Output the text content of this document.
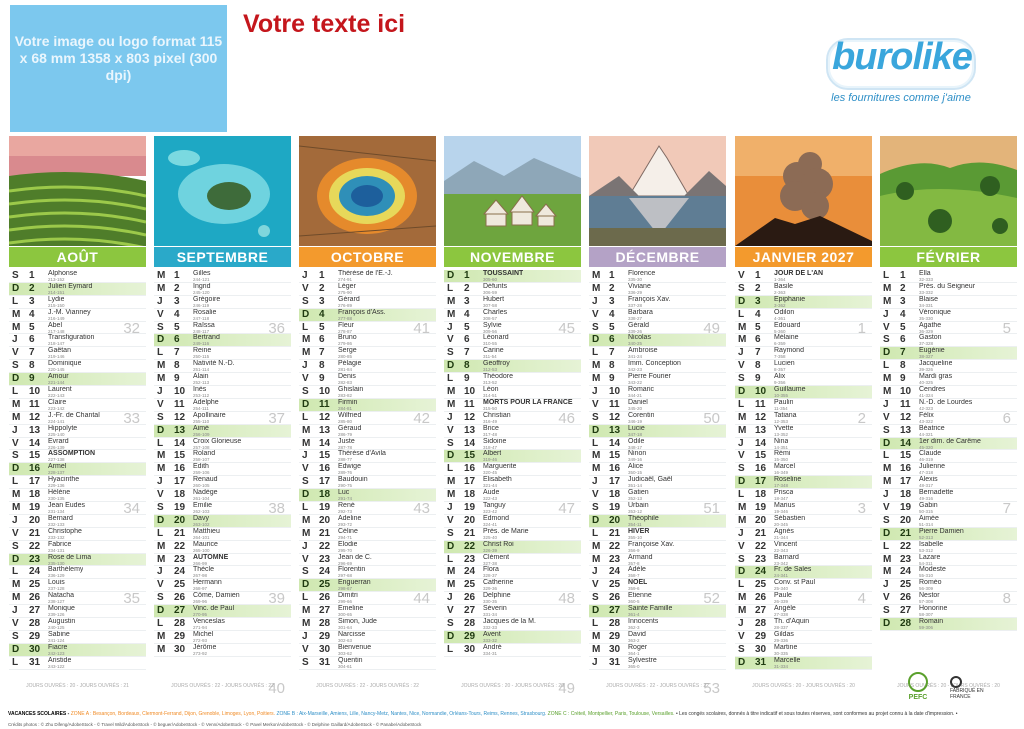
Votre image ou logo format 115 x 68 mm 1358 x 803 pixel (300 dpi)
Votre texte ici
burolike
les fournitures comme j'aime
AOÛT
S	1	Alphonse
213-152
D 2	Julien Eymard
214-151
L	3	Lydie
215-150
M 4	J.-M. Vianney
216-149
M 5	Abel
217-148
J	6	Transfiguration
218-147
V	7	Gaëtan
219-146
S	8	Dominique
220-145
D 9	Amour
221-144
L	10	Laurent
222-143
M 11	Claire
223-142
M 12	J.-Fr. de Chantal
224-141
J	13	Hippolyte
225-140
V	14	Évrard
226-139
S	15	ASSOMPTION
227-138
D 16	Armel
228-137
L	17	Hyacinthe
229-136
M 18	Hélène
230-135
M 19	Jean Eudes
231-134
J	20	Bernard
232-133
V	21	Christophe
233-132
S	22	Fabrice
234-131
D 23	Rose de Lima
235-130
L	24	Barthélemy
236-129
M 25	Louis
237-128
M 26	Natacha
238-127
J	27	Monique
239-126
V	28	Augustin
240-125
S	29	Sabine
241-124
D 30	Fiacre
242-123
L	31	Aristide
243-122
32
33
34
35
JOURS OUVRÉS : 20 - JOURS OUVRÉS : 21
SEPTEMBRE
M 1	Gilles
244-121
M 2	Ingrid
245-120
J	3	Grégoire
246-119
V	4	Rosalie
247-118
S	5	Raïssa
248-117
D 6	Bertrand
249-116
L	7	Reine
250-115
M 8	Nativité N.-D.
251-114
M 9	Alain
252-113
J	10	Inès
253-112
V	11	Adelphe
254-111
S	12	Apollinaire
255-110
D 13	Aimé
256-109
L	14	Croix Glorieuse
257-108
M 15	Roland
258-107
M 16	Édith
259-106
J	17	Renaud
260-105
V	18	Nadège
261-104
S	19	Émilie
262-103
D 20	Davy
263-102
L	21	Matthieu
264-101
M 22	Maurice
265-100
M 23	AUTOMNE
266-99
J	24	Thècle
267-98
V	25	Hermann
268-97
S	26	Côme, Damien
269-96
D 27	Vinc. de Paul
270-95
L	28	Venceslas
271-94
M 29	Michel
272-93
M 30	Jérôme
273-92
36
37
38
39
40
JOURS OUVRÉS : 22 - JOURS OUVRÉS : 22
OCTOBRE
J	1	Thérèse de l'E.-J.
274-91
V	2	Léger
275-90
S	3	Gérard
276-89
D 4	François d'Ass.
277-88
L	5	Fleur
278-87
M 6	Bruno
279-86
M 7	Serge
280-85
J	8	Pélagie
281-84
V	9	Denis
282-83
S	10	Ghislain
283-82
D 11	Firmin
284-81
L	12	Wilfried
285-80
M 13	Géraud
286-79
M 14	Juste
287-78
J	15	Thérèse d'Avila
288-77
V	16	Edwige
289-76
S	17	Baudouin
290-75
D 18	Luc
291-74
L	19	René
292-73
M 20	Adeline
293-72
M 21	Céline
294-71
J	22	Élodie
295-70
V	23	Jean de C.
296-69
S	24	Florentin
297-68
D 25	Enguerran
298-67
L	26	Dimitri
299-66
M 27	Émeline
300-65
M 28	Simon, Jude
301-64
J	29	Narcisse
302-63
V	30	Bienvenue
303-62
S	31	Quentin
304-61
41
42
43
44
JOURS OUVRÉS : 22 - JOURS OUVRÉS : 22
NOVEMBRE
D 1	TOUSSAINT
305-60
L	2	Défunts
306-59
M 3	Hubert
307-58
M 4	Charles
308-57
J	5	Sylvie
309-56
V	6	Léonard
310-55
S	7	Carine
311-54
D 8	Geoffroy
312-53
L	9	Théodore
313-52
M 10	Léon
314-51
M 11	MORTS POUR LA FRANCE
315-50
J	12	Christian
316-49
V	13	Brice
317-48
S	14	Sidoine
318-47
D 15	Albert
319-46
L	16	Marguerite
320-45
M 17	Élisabeth
321-44
M 18	Aude
322-43
J	19	Tanguy
323-42
V	20	Edmond
324-41
S	21	Prés. de Marie
325-40
D 22	Christ Roi
326-39
L	23	Clément
327-38
M 24	Flora
328-37
M 25	Catherine
329-36
J	26	Delphine
330-35
V	27	Séverin
331-34
S	28	Jacques de la M.
332-33
D 29	Avent
333-32
L	30	André
334-31
45
46
47
48
49
JOURS OUVRÉS : 20 - JOURS OUVRÉS : 20
DÉCEMBRE
M 1	Florence
335-30
M 2	Viviane
336-29
J	3	François Xav.
337-28
V	4	Barbara
338-27
S	5	Gérald
339-26
D 6	Nicolas
340-25
L	7	Ambroise
341-24
M 8	Imm. Conception
342-23
M 9	Pierre Fourier
343-22
J	10	Romaric
344-21
V	11	Daniel
345-20
S	12	Corentin
346-19
D 13	Lucie
347-18
L	14	Odile
348-17
M 15	Ninon
349-16
M 16	Alice
350-15
J	17	Judicaël, Gaël
351-14
V	18	Gatien
352-13
S	19	Urbain
353-12
D 20	Théophile
354-11
L	21	HIVER
355-10
M 22	Françoise Xav.
356-9
M 23	Armand
357-8
J	24	Adèle
358-7
V	25	NOËL
359-6
S	26	Étienne
360-5
D 27	Sainte Famille
361-4
L	28	Innocents
362-3
M 29	David
363-2
M 30	Roger
364-1
J	31	Sylvestre
365-0
49
50
51
52
53
JOURS OUVRÉS : 22 - JOURS OUVRÉS : 22
JANVIER 2027
V	1	JOUR DE L'AN
1-364
S	2	Basile
2-363
D 3	Épiphanie
3-362
L	4	Odilon
4-361
M 5	Édouard
5-360
M 6	Mélaine
6-359
J	7	Raymond
7-358
V	8	Lucien
8-357
S	9	Alix
9-356
D 10	Guillaume
10-355
L	11	Paulin
11-354
M 12	Tatiana
12-353
M 13	Yvette
13-352
J	14	Nina
14-351
V	15	Rémi
15-350
S	16	Marcel
16-349
D 17	Roseline
17-348
L	18	Prisca
18-347
M 19	Marius
19-346
M 20	Sébastien
20-345
J	21	Agnès
21-344
V	22	Vincent
22-343
S	23	Barnard
23-342
D 24	Fr. de Sales
24-341
L	25	Conv. st Paul
25-340
M 26	Paule
26-339
M 27	Angèle
27-338
J	28	Th. d'Aquin
28-337
V	29	Gildas
29-336
S	30	Martine
30-335
D 31	Marcelle
31-334
1
2
3
4
JOURS OUVRÉS : 20 - JOURS OUVRÉS : 20
FÉVRIER
L	1	Ella
32-333
M 2	Prés. du Seigneur
33-332
M 3	Blaise
34-331
J	4	Véronique
35-330
V	5	Agathe
36-329
S	6	Gaston
37-328
D 7	Eugénie
38-327
L	8	Jacqueline
39-326
M 9	Mardi gras
40-325
M 10	Cendres
41-324
J	11	N.-D. de Lourdes
42-323
V	12	Félix
43-322
S	13	Béatrice
44-321
D 14	1er dim. de Carême
45-320
L	15	Claude
46-319
M 16	Julienne
47-318
M 17	Alexis
48-317
J	18	Bernadette
49-316
V	19	Gabin
50-315
S	20	Aimée
51-314
D 21	Pierre Damien
52-313
L	22	Isabelle
53-312
M 23	Lazare
54-311
M 24	Modeste
55-310
J	25	Roméo
56-309
V	26	Nestor
57-308
S	27	Honorine
58-307
D 28	Romain
59-306
5
6
7
8
JOURS OUVRÉS : 20 - JOURS OUVRÉS : 20
PEFC
FABRIQUÉ EN FRANCE
VACANCES SCOLAIRES - ZONE A : Besançon, Bordeaux, Clermont-Ferrand, Dijon, Grenoble, Limoges, Lyon, Poitiers. ZONE B : Aix-Marseille, Amiens, Lille, Nancy-Metz, Nantes, Nice, Normandie, Orléans-Tours, Reims, Rennes, Strasbourg. ZONE C : Créteil, Montpellier, Paris, Toulouse, Versailles. • Les congés scolaires, donnés à titre indicatif et sous toutes réserves, sont conformes au projet connu à la date d'impression. •
Crédits photos : © Zhu Difeng/AdobeStock - © Travel Wild/AdobeStock - © beguer/AdobeStock - © Venn/AdobeStock - © Pavel Merkon/AdobeStock - © Delphine Gaillard/AdobeStock - © Panabe/AdobeStock
